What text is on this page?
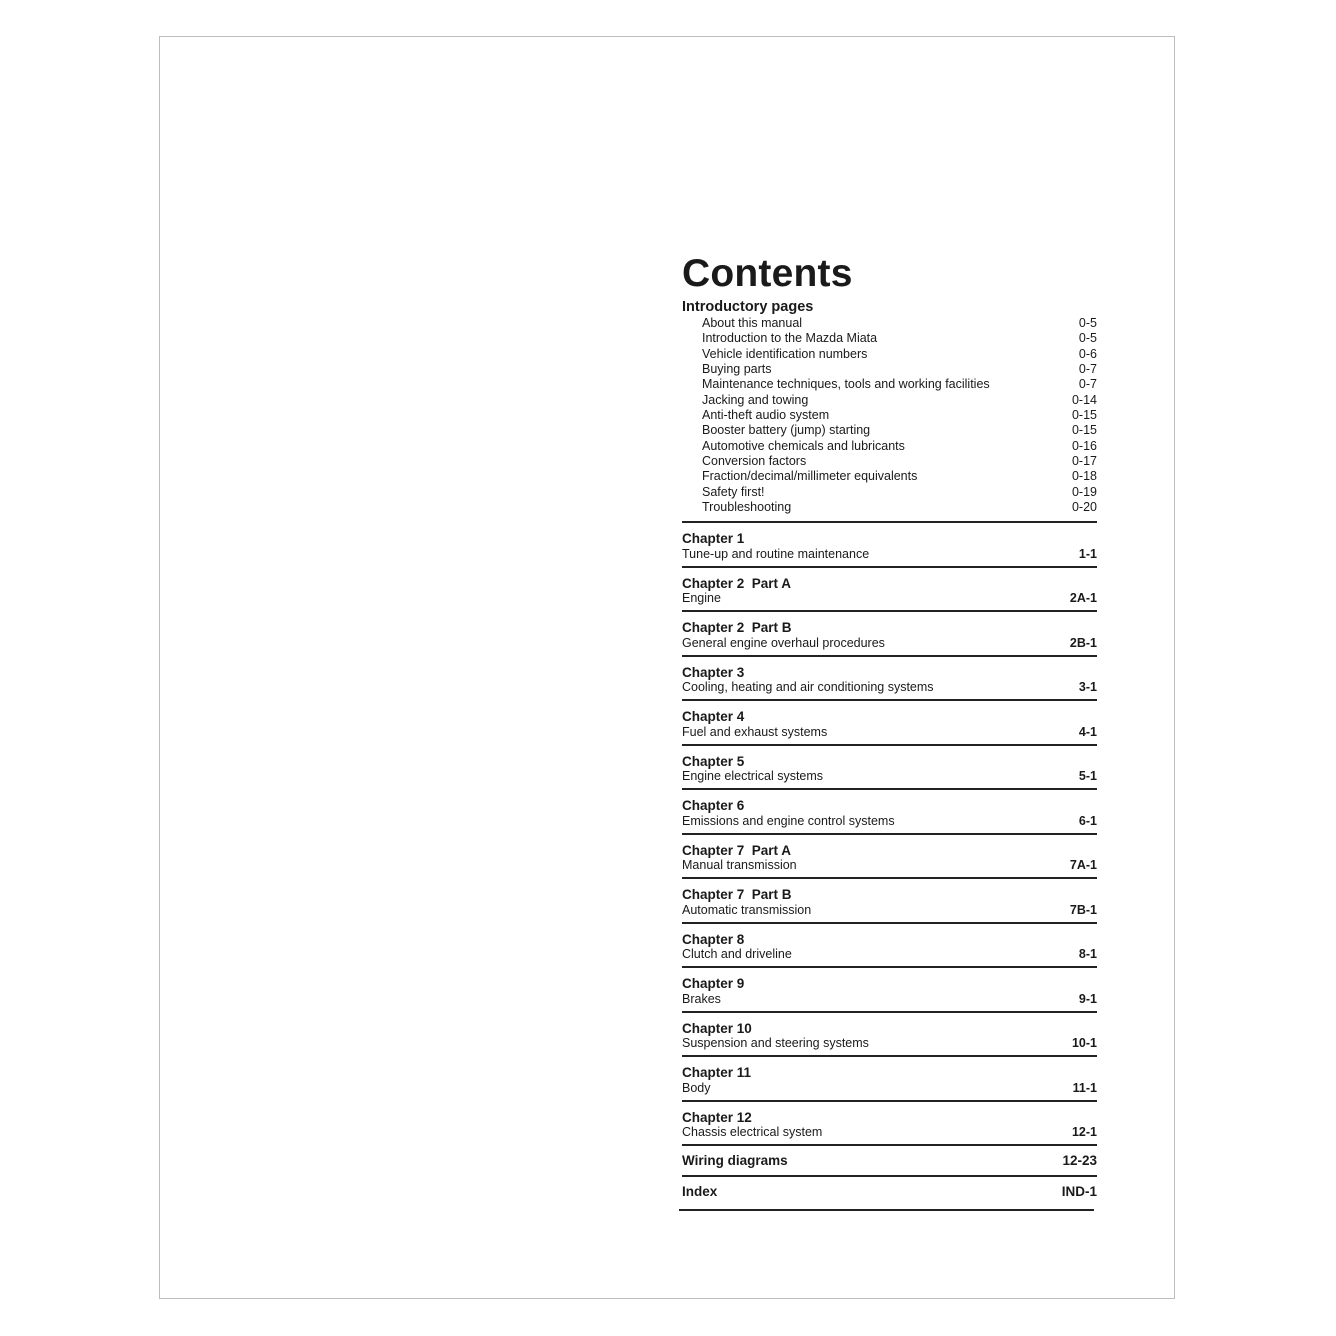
Contents
Introductory pages
About this manual	0-5
Introduction to the Mazda Miata	0-5
Vehicle identification numbers	0-6
Buying parts	0-7
Maintenance techniques, tools and working facilities	0-7
Jacking and towing	0-14
Anti-theft audio system	0-15
Booster battery (jump) starting	0-15
Automotive chemicals and lubricants	0-16
Conversion factors	0-17
Fraction/decimal/millimeter equivalents	0-18
Safety first!	0-19
Troubleshooting	0-20
Chapter 1
Tune-up and routine maintenance	1-1
Chapter 2  Part A
Engine	2A-1
Chapter 2  Part B
General engine overhaul procedures	2B-1
Chapter 3
Cooling, heating and air conditioning systems	3-1
Chapter 4
Fuel and exhaust systems	4-1
Chapter 5
Engine electrical systems	5-1
Chapter 6
Emissions and engine control systems	6-1
Chapter 7  Part A
Manual transmission	7A-1
Chapter 7  Part B
Automatic transmission	7B-1
Chapter 8
Clutch and driveline	8-1
Chapter 9
Brakes	9-1
Chapter 10
Suspension and steering systems	10-1
Chapter 11
Body	11-1
Chapter 12
Chassis electrical system	12-1
Wiring diagrams	12-23
Index	IND-1
